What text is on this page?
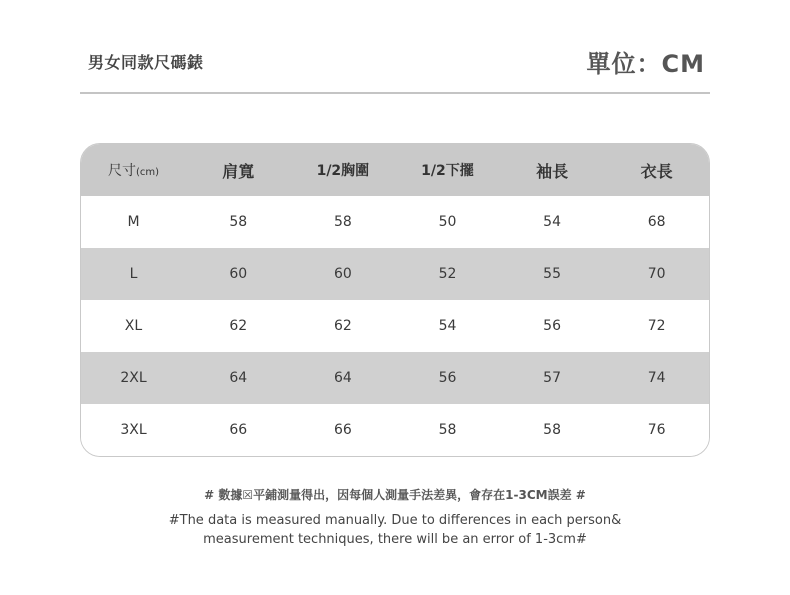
男女同款尺碼錶	單位：CM
尺寸(cm)	肩寬	1/2胸圍	1/2下擺	袖長	衣長
M	58	58	50	54	68
L	60	60	52	55	70
XL	62	62	54	56	72
2XL	64	64	56	57	74
3XL	66	66	58	58	76
# 數據☒平鋪測量得出，因每個人測量手法差異，會存在1-3CM誤差 #
#The data is measured manually. Due to differences in each person&
measurement techniques, there will be an error of 1-3cm#
